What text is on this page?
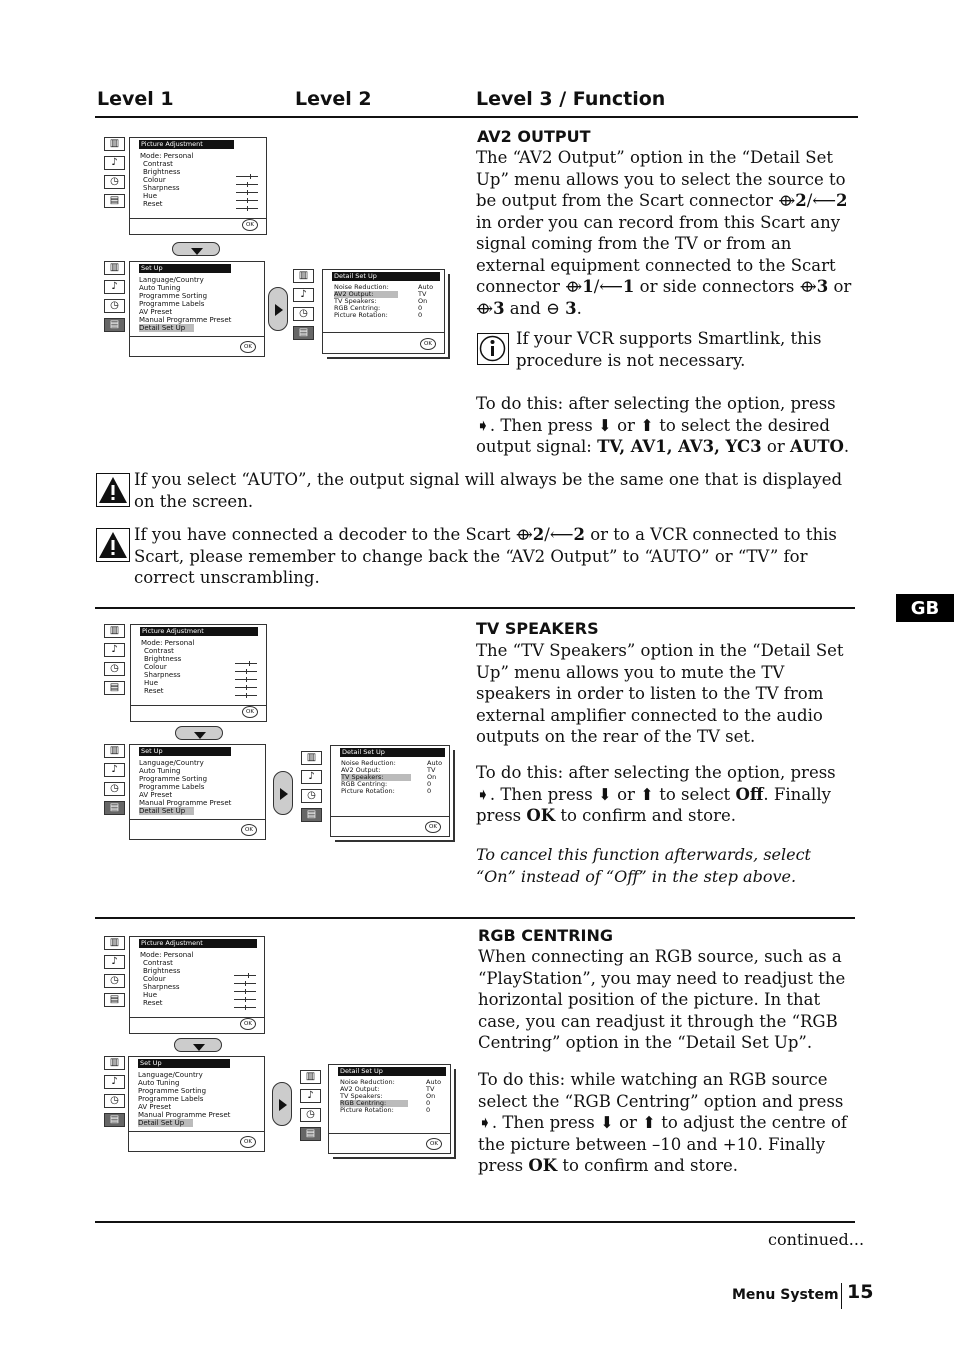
Level 1	Level 2	Level 3 / Function
GB
▥
♪
◷
▤
Picture Adjustment
Mode: Personal
Contrast
Brightness
Colour
Sharpness
Hue
Reset
OK
▥
♪
◷
▤
Set Up
Language/Country
Auto Tuning
Programme Sorting
Programme Labels
AV Preset
Manual Programme Preset
Detail Set Up
OK
▥
♪
◷
▤
Detail Set Up
Noise Reduction:
AV2 Output:
TV Speakers:
RGB Centring:
Picture Rotation:
Auto
TV
On
0
0
OK
AV2 OUTPUT

The “AV2 Output” option in the “Detail Set Up” menu allows you to select the source to be output from the Scart connector ⟴2/⟵2 in order you can record from this Scart any signal coming from the TV or from an external equipment connected to the Scart connector ⟴1/⟵1 or side connectors ⟴3 or ⟴3 and ⊖ 3.

If your VCR supports Smartlink, this procedure is not necessary.

To do this: after selecting the option, press ➧. Then press ⬇ or ⬆ to select the desired output signal: TV, AV1, AV3, YC3 or AUTO.

If you select “AUTO”, the output signal will always be the same one that is displayed on the screen.

If you have connected a decoder to the Scart ⟴2/⟵2 or to a VCR connected to this Scart, please remember to change back the “AV2 Output” to “AUTO” or “TV” for correct unscrambling.

▥
♪
◷
▤
Picture Adjustment
Mode: Personal
Contrast
Brightness
Colour
Sharpness
Hue
Reset
OK
▥
♪
◷
▤
Set Up
Language/Country
Auto Tuning
Programme Sorting
Programme Labels
AV Preset
Manual Programme Preset
Detail Set Up
OK
▥
♪
◷
▤
Detail Set Up
Noise Reduction:
AV2 Output:
TV Speakers:
RGB Centring:
Picture Rotation:
Auto
TV
On
0
0
OK
TV SPEAKERS
The “TV Speakers” option in the “Detail Set Up” menu allows you to mute the TV speakers in order to listen to the TV from external amplifier connected to the audio outputs on the rear of the TV set.

To do this: after selecting the option, press ➧. Then press ⬇ or ⬆ to select Off. Finally press OK to confirm and store.

To cancel this function afterwards, select “On” instead of “Off” in the step above.
▥
♪
◷
▤
Picture Adjustment
Mode: Personal
Contrast
Brightness
Colour
Sharpness
Hue
Reset
OK
▥
♪
◷
▤
Set Up
Language/Country
Auto Tuning
Programme Sorting
Programme Labels
AV Preset
Manual Programme Preset
Detail Set Up
OK
▥
♪
◷
▤
Detail Set Up
Noise Reduction:
AV2 Output:
TV Speakers:
RGB Centring:
Picture Rotation:
Auto
TV
On
0
0
OK
RGB CENTRING
When connecting an RGB source, such as a “PlayStation”, you may need to readjust the horizontal position of the picture. In that case, you can readjust it through the “RGB Centring” option in the “Detail Set Up”.

To do this: while watching an RGB source select the “RGB Centring” option and press ➧. Then press ⬇ or ⬆ to adjust the centre of the picture between –10 and +10. Finally press OK to confirm and store.

continued...
Menu System 15
